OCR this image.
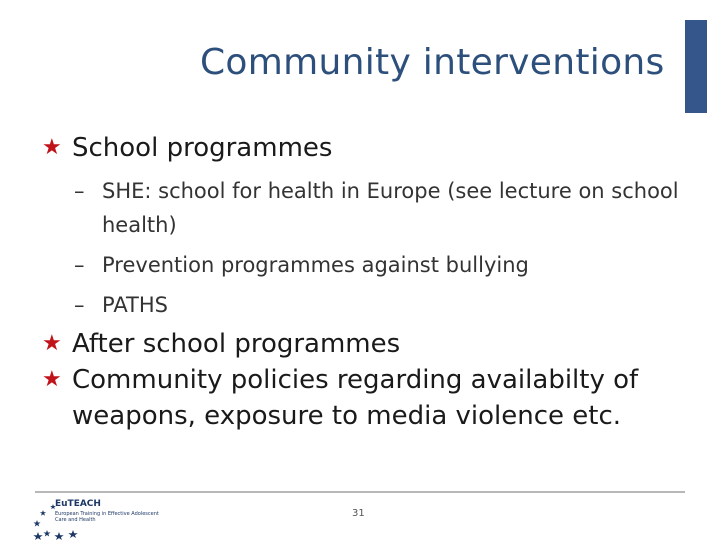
Community interventions
★ School programmes
– SHE: school for health in Europe (see lecture on school health)
– Prevention programmes against bullying
– PATHS
★ After school programmes
★ Community policies regarding availabilty of weapons, exposure to media violence etc.
EuTEACH
European Training in Effective Adolescent
Care and Health
31
